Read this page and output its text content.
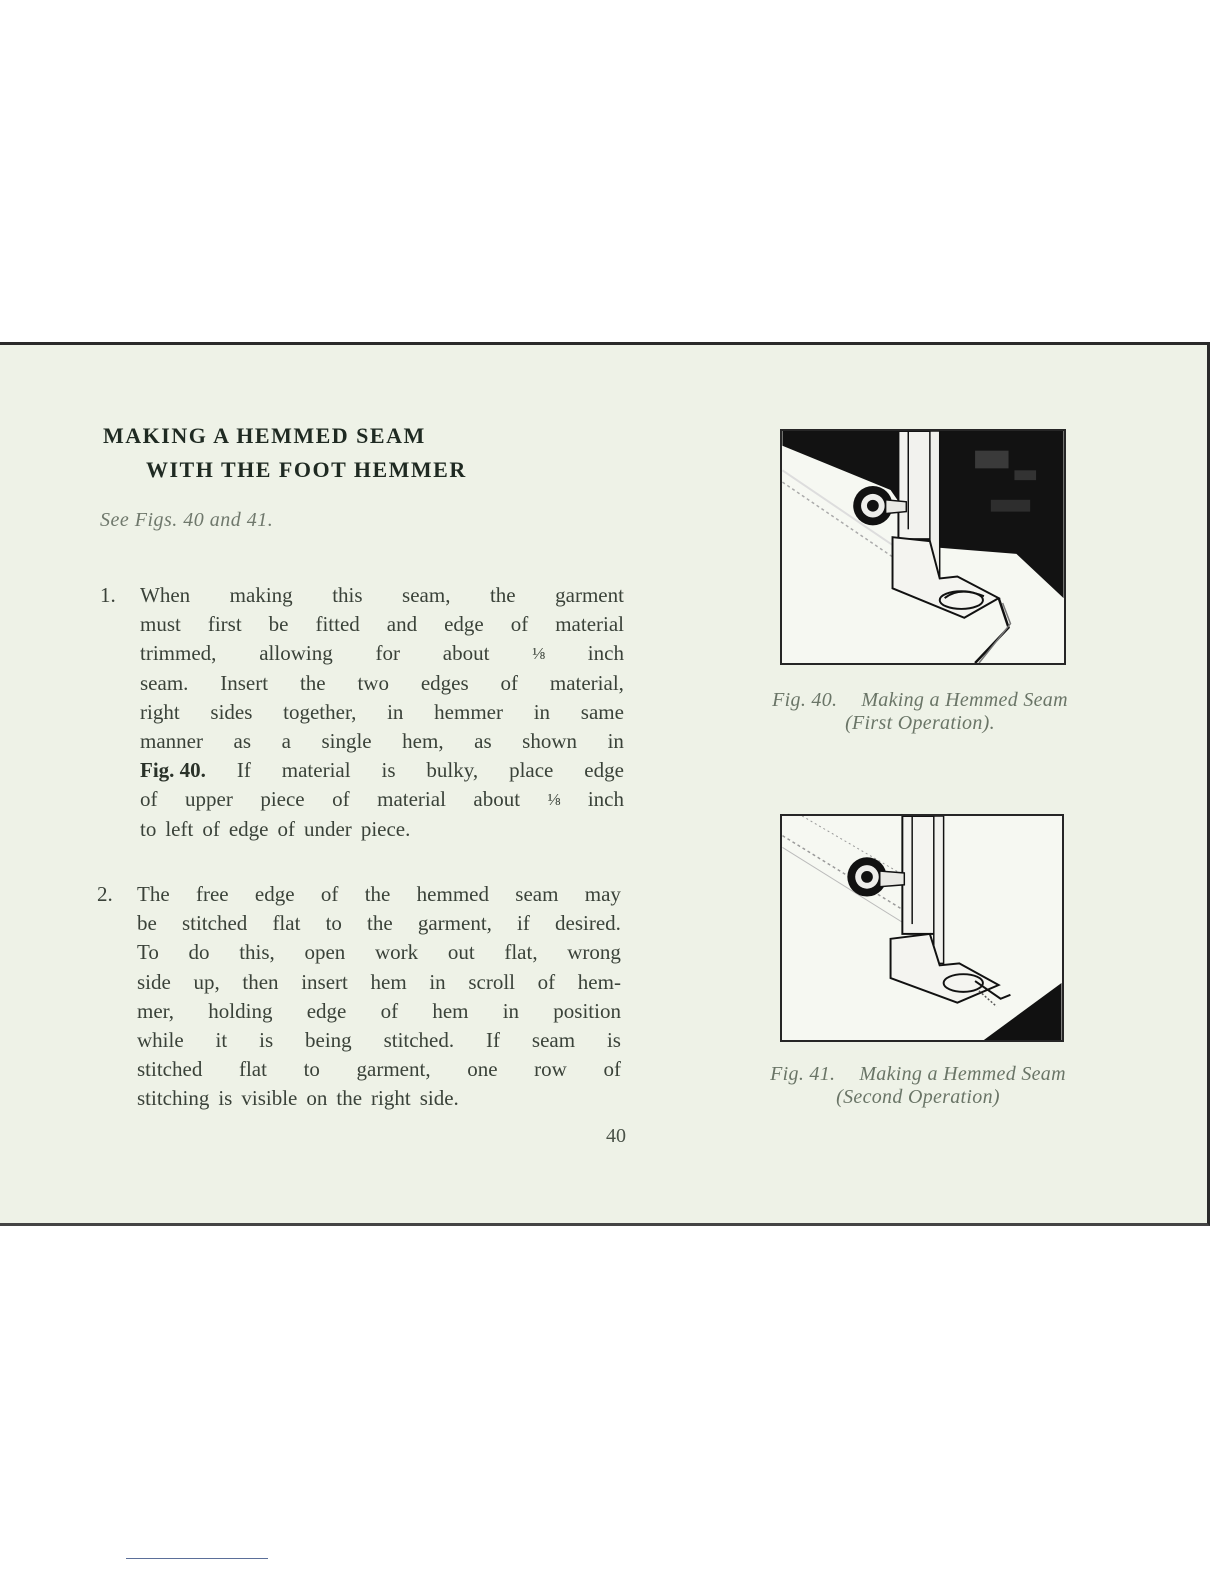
MAKING A HEMMED SEAM
WITH THE FOOT HEMMER
See Figs. 40 and 41.
1. When making this seam, the garment
must first be fitted and edge of material
trimmed, allowing for about	⅛ inch
seam. Insert the two edges of material,
right sides together, in hemmer in same
manner as a single hem, as shown in
Fig. 40. If material is bulky, place edge
of upper piece of material about ⅛ inch
to left of edge of under piece.
2. The free edge of the hemmed seam may
be stitched flat to the garment, if desired.
To do this, open work out flat, wrong
side up, then insert hem in scroll of hem-
mer, holding edge of hem in position
while it is being stitched. If seam is
stitched flat to garment, one row of
stitching is visible on the right side.
Fig. 40. Making a Hemmed Seam
(First Operation).
Fig. 41. Making a Hemmed Seam
(Second Operation)
40
